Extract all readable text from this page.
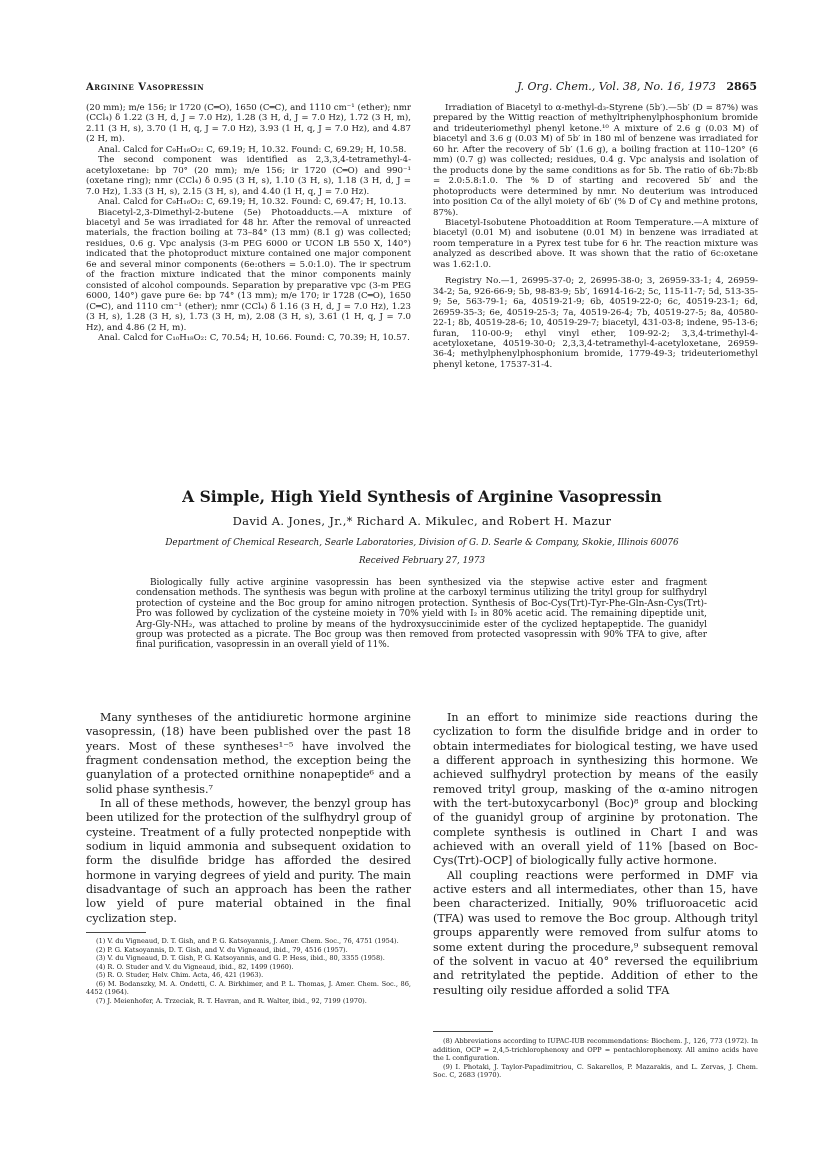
Arginine Vasopressin	J. Org. Chem., Vol. 38, No. 16, 1973 2865

(20 mm); m/e 156; ir 1720 (C═O), 1650 (C═C), and 1110 cm⁻¹ (ether); nmr (CCl₄) δ 1.22 (3 H, d, J = 7.0 Hz), 1.28 (3 H, d, J = 7.0 Hz), 1.72 (3 H, m), 2.11 (3 H, s), 3.70 (1 H, q, J = 7.0 Hz), 3.93 (1 H, q, J = 7.0 Hz), and 4.87 (2 H, m).

Anal. Calcd for C₉H₁₆O₂: C, 69.19; H, 10.32. Found: C, 69.29; H, 10.58.

The second component was identified as 2,3,3,4-tetramethyl-4-acetyloxetane: bp 70° (20 mm); m/e 156; ir 1720 (C═O) and 990⁻¹ (oxetane ring); nmr (CCl₄) δ 0.95 (3 H, s), 1.10 (3 H, s), 1.18 (3 H, d, J = 7.0 Hz), 1.33 (3 H, s), 2.15 (3 H, s), and 4.40 (1 H, q, J = 7.0 Hz).

Anal. Calcd for C₉H₁₆O₂: C, 69.19; H, 10.32. Found: C, 69.47; H, 10.13.

Biacetyl-2,3-Dimethyl-2-butene (5e) Photoadducts.—A mixture of biacetyl and 5e was irradiated for 48 hr. After the removal of unreacted materials, the fraction boiling at 73–84° (13 mm) (8.1 g) was collected; residues, 0.6 g. Vpc analysis (3-m PEG 6000 or UCON LB 550 X, 140°) indicated that the photoproduct mixture contained one major component 6e and several minor components (6e:others = 5.0:1.0). The ir spectrum of the fraction mixture indicated that the minor components mainly consisted of alcohol compounds. Separation by preparative vpc (3-m PEG 6000, 140°) gave pure 6e: bp 74° (13 mm); m/e 170; ir 1728 (C═O), 1650 (C═C), and 1110 cm⁻¹ (ether); nmr (CCl₄) δ 1.16 (3 H, d, J = 7.0 Hz), 1.23 (3 H, s), 1.28 (3 H, s), 1.73 (3 H, m), 2.08 (3 H, s), 3.61 (1 H, q, J = 7.0 Hz), and 4.86 (2 H, m).

Anal. Calcd for C₁₀H₁₈O₂: C, 70.54; H, 10.66. Found: C, 70.39; H, 10.57.

Irradiation of Biacetyl to α-methyl-d₃-Styrene (5b′).—5b′ (D = 87%) was prepared by the Wittig reaction of methyltriphenylphosphonium bromide and trideuteriomethyl phenyl ketone.¹⁰ A mixture of 2.6 g (0.03 M) of biacetyl and 3.6 g (0.03 M) of 5b′ in 180 ml of benzene was irradiated for 60 hr. After the recovery of 5b′ (1.6 g), a boiling fraction at 110–120° (6 mm) (0.7 g) was collected; residues, 0.4 g. Vpc analysis and isolation of the products done by the same conditions as for 5b. The ratio of 6b:7b:8b = 2.0:5.8:1.0. The % D of starting and recovered 5b′ and the photoproducts were determined by nmr. No deuterium was introduced into position Cα of the allyl moiety of 6b′ (% D of Cγ and methine protons, 87%).

Biacetyl-Isobutene Photoaddition at Room Temperature.—A mixture of biacetyl (0.01 M) and isobutene (0.01 M) in benzene was irradiated at room temperature in a Pyrex test tube for 6 hr. The reaction mixture was analyzed as described above. It was shown that the ratio of 6c:oxetane was 1.62:1.0.

Registry No.—1, 26995-37-0; 2, 26995-38-0; 3, 26959-33-1; 4, 26959-34-2; 5a, 926-66-9; 5b, 98-83-9; 5b′, 16914-16-2; 5c, 115-11-7; 5d, 513-35-9; 5e, 563-79-1; 6a, 40519-21-9; 6b, 40519-22-0; 6c, 40519-23-1; 6d, 26959-35-3; 6e, 40519-25-3; 7a, 40519-26-4; 7b, 40519-27-5; 8a, 40580-22-1; 8b, 40519-28-6; 10, 40519-29-7; biacetyl, 431-03-8; indene, 95-13-6; furan, 110-00-9; ethyl vinyl ether, 109-92-2; 3,3,4-trimethyl-4-acetyloxetane, 40519-30-0; 2,3,3,4-tetramethyl-4-acetyloxetane, 26959-36-4; methylphenylphosphonium bromide, 1779-49-3; trideuteriomethyl phenyl ketone, 17537-31-4.

A Simple, High Yield Synthesis of Arginine Vasopressin
David A. Jones, Jr.,* Richard A. Mikulec, and Robert H. Mazur
Department of Chemical Research, Searle Laboratories, Division of G. D. Searle & Company, Skokie, Illinois 60076
Received February 27, 1973

Biologically fully active arginine vasopressin has been synthesized via the stepwise active ester and fragment condensation methods. The synthesis was begun with proline at the carboxyl terminus utilizing the trityl group for sulfhydryl protection of cysteine and the Boc group for amino nitrogen protection. Synthesis of Boc-Cys(Trt)-Tyr-Phe-Gln-Asn-Cys(Trt)-Pro was followed by cyclization of the cysteine moiety in 70% yield with I₂ in 80% acetic acid. The remaining dipeptide unit, Arg-Gly-NH₂, was attached to proline by means of the hydroxysuccinimide ester of the cyclized heptapeptide. The guanidyl group was protected as a picrate. The Boc group was then removed from protected vasopressin with 90% TFA to give, after final purification, vasopressin in an overall yield of 11%.

Many syntheses of the antidiuretic hormone arginine vasopressin, (18) have been published over the past 18 years. Most of these syntheses¹⁻⁵ have involved the fragment condensation method, the exception being the guanylation of a protected ornithine nonapeptide⁶ and a solid phase synthesis.⁷

In all of these methods, however, the benzyl group has been utilized for the protection of the sulfhydryl group of cysteine. Treatment of a fully protected nonpeptide with sodium in liquid ammonia and subsequent oxidation to form the disulfide bridge has afforded the desired hormone in varying degrees of yield and purity. The main disadvantage of such an approach has been the rather low yield of pure material obtained in the final cyclization step.

In an effort to minimize side reactions during the cyclization to form the disulfide bridge and in order to obtain intermediates for biological testing, we have used a different approach in synthesizing this hormone. We achieved sulfhydryl protection by means of the easily removed trityl group, masking of the α-amino nitrogen with the tert-butoxycarbonyl (Boc)⁸ group and blocking of the guanidyl group of arginine by protonation. The complete synthesis is outlined in Chart I and was achieved with an overall yield of 11% [based on Boc-Cys(Trt)-OCP] of biologically fully active hormone.

All coupling reactions were performed in DMF via active esters and all intermediates, other than 15, have been characterized. Initially, 90% trifluoroacetic acid (TFA) was used to remove the Boc group. Although trityl groups apparently were removed from sulfur atoms to some extent during the procedure,⁹ subsequent removal of the solvent in vacuo at 40° reversed the equilibrium and retritylated the peptide. Addition of ether to the resulting oily residue afforded a solid TFA

(1) V. du Vigneaud, D. T. Gish, and P. G. Katsoyannis, J. Amer. Chem. Soc., 76, 4751 (1954).

(2) P. G. Katsoyannis, D. T. Gish, and V. du Vigneaud, ibid., 79, 4516 (1957).

(3) V. du Vigneaud, D. T. Gish, P. G. Katsoyannis, and G. P. Hess, ibid., 80, 3355 (1958).

(4) R. O. Studer and V. du Vigneaud, ibid., 82, 1499 (1960).

(5) R. O. Studer, Helv. Chim. Acta, 46, 421 (1963).

(6) M. Bodanszky, M. A. Ondetti, C. A. Birkhimer, and P. L. Thomas, J. Amer. Chem. Soc., 86, 4452 (1964).

(7) J. Meienhofer, A. Trzeciak, R. T. Havran, and R. Walter, ibid., 92, 7199 (1970).

(8) Abbreviations according to IUPAC-IUB recommendations: Biochem. J., 126, 773 (1972). In addition, OCP = 2,4,5-trichlorophenoxy and OPP = pentachlorophenoxy. All amino acids have the L configuration.

(9) I. Photaki, J. Taylor-Papadimitriou, C. Sakarellos, P. Mazarakis, and L. Zervas, J. Chem. Soc. C, 2683 (1970).
